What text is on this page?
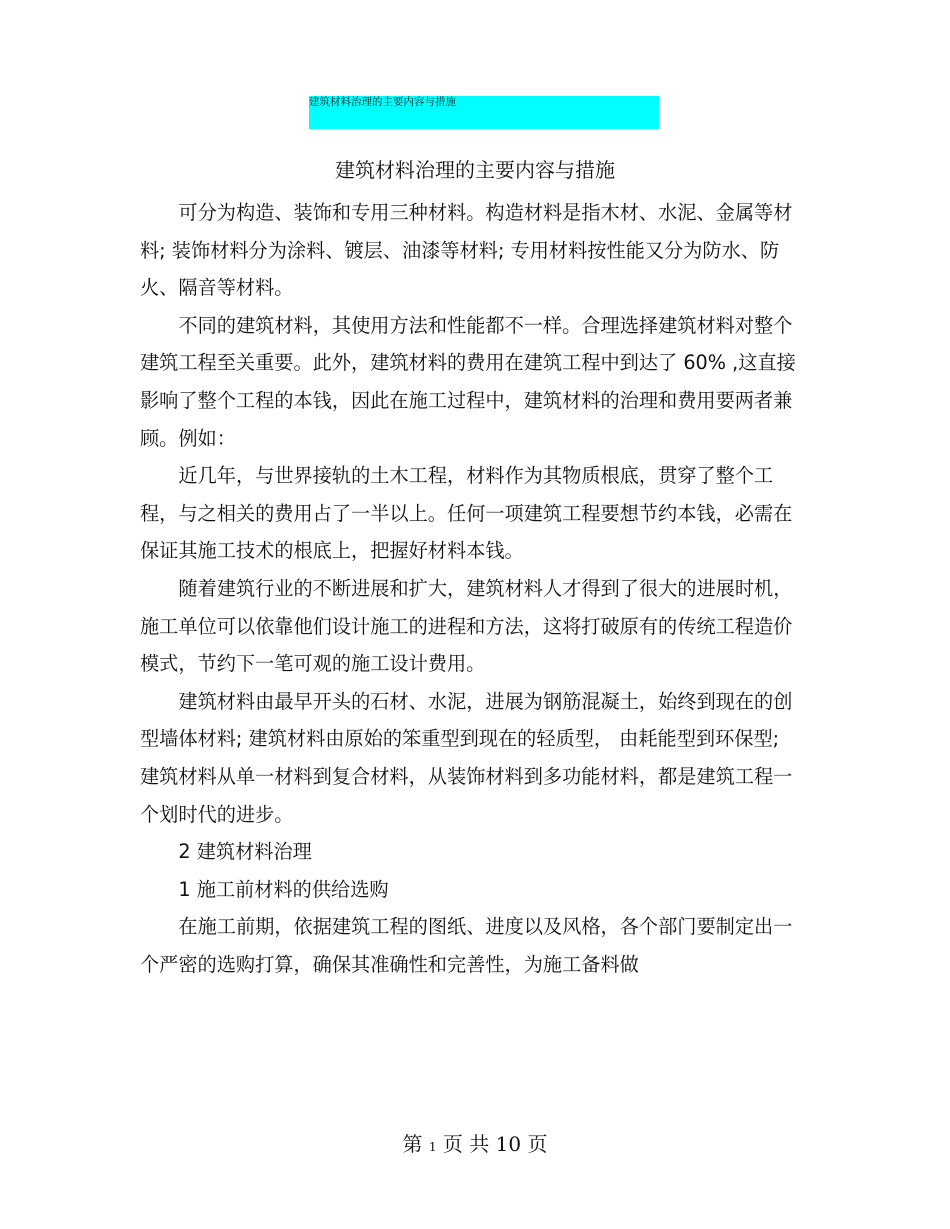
建筑材料治理的主要内容与措施
建筑材料治理的主要内容与措施

可分为构造、装饰和专用三种材料。构造材料是指木材、水泥、金属等材料; 装饰材料分为涂料、镀层、油漆等材料; 专用材料按性能又分为防水、防火、隔音等材料。

不同的建筑材料，其使用方法和性能都不一样。合理选择建筑材料对整个建筑工程至关重要。此外，建筑材料的费用在建筑工程中到达了 60% ,这直接影响了整个工程的本钱，因此在施工过程中，建筑材料的治理和费用要两者兼顾。例如：

近几年，与世界接轨的土木工程，材料作为其物质根底，贯穿了整个工程，与之相关的费用占了一半以上。任何一项建筑工程要想节约本钱，必需在保证其施工技术的根底上，把握好材料本钱。

随着建筑行业的不断进展和扩大，建筑材料人才得到了很大的进展时机，施工单位可以依靠他们设计施工的进程和方法，这将打破原有的传统工程造价模式，节约下一笔可观的施工设计费用。

建筑材料由最早开头的石材、水泥，进展为钢筋混凝土，始终到现在的创型墙体材料; 建筑材料由原始的笨重型到现在的轻质型， 由耗能型到环保型; 建筑材料从单一材料到复合材料，从装饰材料到多功能材料，都是建筑工程一个划时代的进步。

2 建筑材料治理

1 施工前材料的供给选购

在施工前期，依据建筑工程的图纸、进度以及风格，各个部门要制定出一个严密的选购打算，确保其准确性和完善性，为施工备料做

第 1 页 共 10 页
